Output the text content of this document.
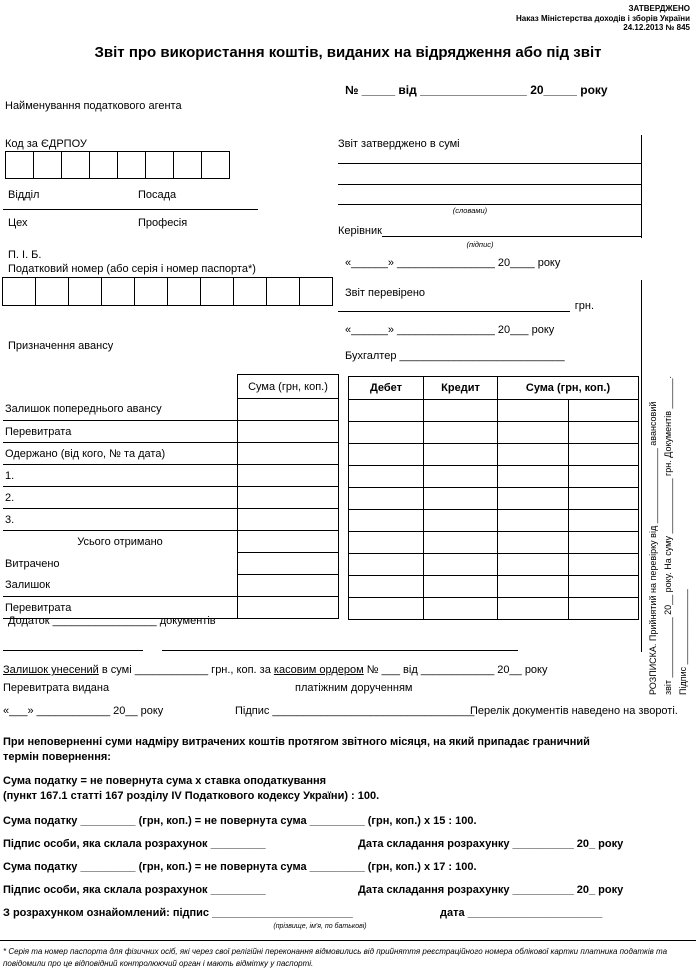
ЗАТВЕРДЖЕНО
Наказ Міністерства доходів і зборів України
24.12.2013 № 845
Звіт про використання коштів, виданих на відрядження або під звіт
№ _____ від ________________ 20_____ року
Найменування податкового агента
Код за ЄДРПОУ
Відділ	Посада
Цех	Професія
П. І. Б.
Податковий номер (або серія і номер паспорта*)
Звіт затверджено в сумі
(словами)
Керівник
(підпис)
«______» ________________ 20____ року
Звіт перевірено
грн.
«______» ________________ 20___ року
Бухгалтер ___________________________
Призначення авансу
	Сума (грн, коп.)
Залишок попереднього авансу	
Перевитрата	
Одержано (від кого, № та дата)	
1.	
2.	
3.	
Усього отримано	
Витрачено	
Залишок	
Перевитрата	
Додаток _________________ документів
Дебет	Кредит	Сума (грн, коп.)	

РОЗПИСКА. Прийнятий на перевірку від _______________ авансовий звіт ____________ 20__ року. На суму ___________ грн. Документів ______. Підпис _______________
Залишок унесений в сумі ____________ грн., коп. за касовим ордером № ___ від ____________ 20__ року
Перевитрата видана	платіжним дорученням
«___» ____________ 20__ року	Підпис _________________________________
Перелік документів наведено на звороті.
При неповерненні суми надміру витрачених коштів протягом звітного місяця, на який припадає граничний термін повернення:
Сума податку = не повернута сума х ставка оподаткування
(пункт 167.1 статті 167 розділу IV Податкового кодексу України) : 100.
Сума податку _________ (грн, коп.) = не повернута сума _________ (грн, коп.) х 15 : 100.
Підпис особи, яка склала розрахунок _________	Дата складання розрахунку __________ 20_ року
Сума податку _________ (грн, коп.) = не повернута сума _________ (грн, коп.) х 17 : 100.
Підпис особи, яка склала розрахунок _________	Дата складання розрахунку __________ 20_ року
З розрахунком ознайомлений: підпис _______________________	дата ______________________
(прізвище, ім'я, по батькові)
* Серія та номер паспорта для фізичних осіб, які через свої релігійні переконання відмовились від прийняття реєстраційного номера облікової картки платника податків та повідомили про це відповідний контролюючий орган і мають відмітку у паспорті.
